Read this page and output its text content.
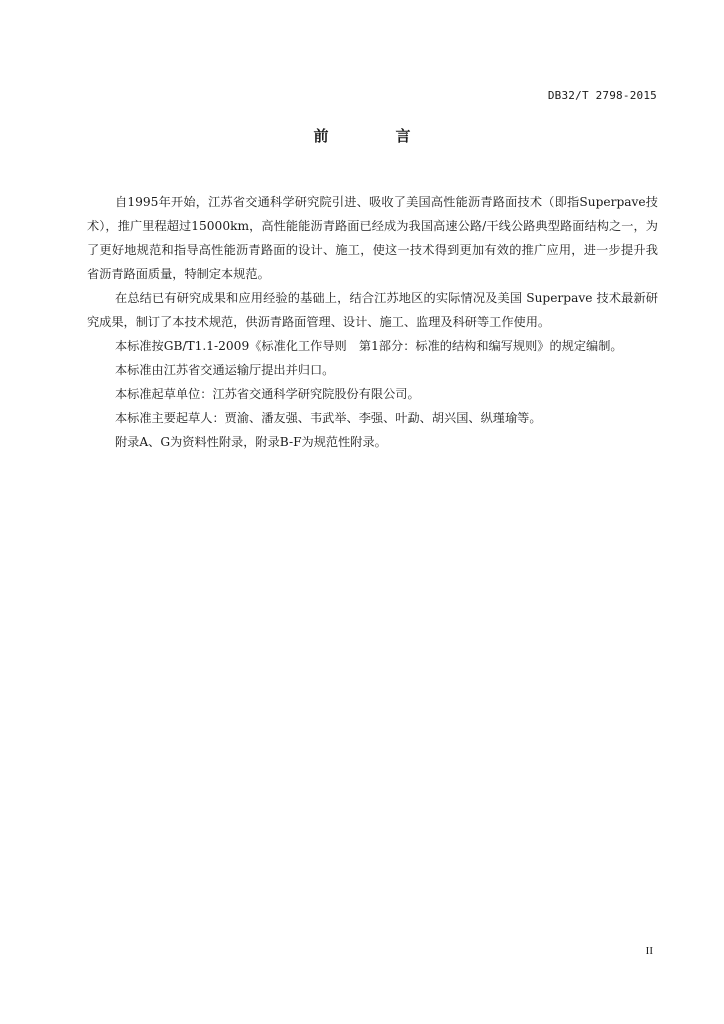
DB32/T 2798-2015
前　言

自1995年开始，江苏省交通科学研究院引进、吸收了美国高性能沥青路面技术（即指Superpave技术），推广里程超过15000km，高性能能沥青路面已经成为我国高速公路/干线公路典型路面结构之一，为了更好地规范和指导高性能沥青路面的设计、施工，使这一技术得到更加有效的推广应用，进一步提升我省沥青路面质量，特制定本规范。

在总结已有研究成果和应用经验的基础上，结合江苏地区的实际情况及美国 Superpave 技术最新研究成果，制订了本技术规范，供沥青路面管理、设计、施工、监理及科研等工作使用。

本标准按GB/T1.1-2009《标准化工作导则　第1部分：标准的结构和编写规则》的规定编制。

本标准由江苏省交通运输厅提出并归口。

本标准起草单位：江苏省交通科学研究院股份有限公司。

本标准主要起草人：贾渝、潘友强、韦武举、李强、叶勐、胡兴国、纵瑾瑜等。

附录A、G为资料性附录，附录B-F为规范性附录。

II
